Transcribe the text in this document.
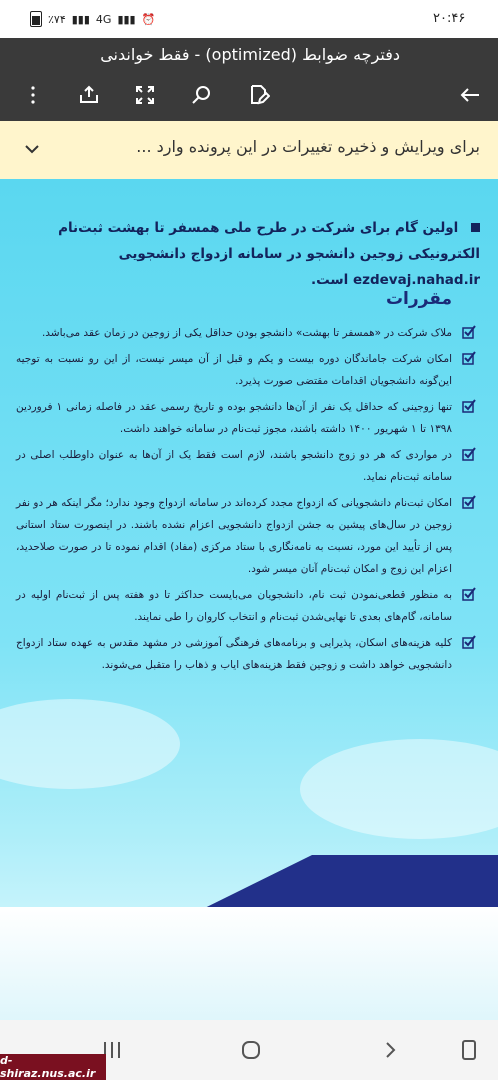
٪۷۴ ▮▮▮ 4G ▮▮▮ ⏰	۲۰:۴۶
دفترچه ضوابط (optimized) - فقط خواندنی
برای ویرایش و ذخیره تغییرات در این پرونده وارد ...
اولین گام برای شرکت در طرح ملی همسفر تا بهشت ثبت‌نام الکترونیکی زوجین دانشجو در سامانه ازدواج دانشجویی ezdevaj.nahad.ir است.
مقررات
ملاک شرکت در «همسفر تا بهشت» دانشجو بودن حداقل یکی از زوجین در زمان عقد می‌باشد.
امکان شرکت جاماندگان دوره بیست و یکم و قبل از آن میسر نیست، از این رو نسبت به توجیه این‌گونه دانشجویان اقدامات مقتضی صورت پذیرد.
تنها زوجینی که حداقل یک نفر از آن‌ها دانشجو بوده و تاریخ رسمی عقد در فاصله زمانی ۱ فروردین ۱۳۹۸ تا ۱ شهریور ۱۴۰۰ داشته باشند، مجوز ثبت‌نام در سامانه خواهند داشت.
در مواردی که هر دو زوج دانشجو باشند، لازم است فقط یک از آن‌ها به عنوان داوطلب اصلی در سامانه ثبت‌نام نماید.
امکان ثبت‌نام دانشجویانی که ازدواج مجدد کرده‌اند در سامانه ازدواج وجود ندارد؛ مگر اینکه هر دو نفر زوجین در سال‌های پیشین به جشن ازدواج دانشجویی اعزام نشده باشند. در اینصورت ستاد استانی پس از تأیید این مورد، نسبت به نامه‌نگاری با ستاد مرکزی (مفاد) اقدام نموده تا در صورت صلاحدید، اعزام این زوج و امکان ثبت‌نام آنان میسر شود.
به منظور قطعی‌نمودن ثبت نام، دانشجویان می‌بایست حداکثر تا دو هفته پس از ثبت‌نام اولیه در سامانه، گام‌های بعدی تا نهایی‌شدن ثبت‌نام و انتخاب کاروان را طی نمایند.
کلیه هزینه‌های اسکان، پذیرایی و برنامه‌های فرهنگی آموزشی در مشهد مقدس به عهده ستاد ازدواج دانشجویی خواهد داشت و زوجین فقط هزینه‌های ایاب و ذهاب را متقبل می‌شوند.
d-shiraz.nus.ac.ir
